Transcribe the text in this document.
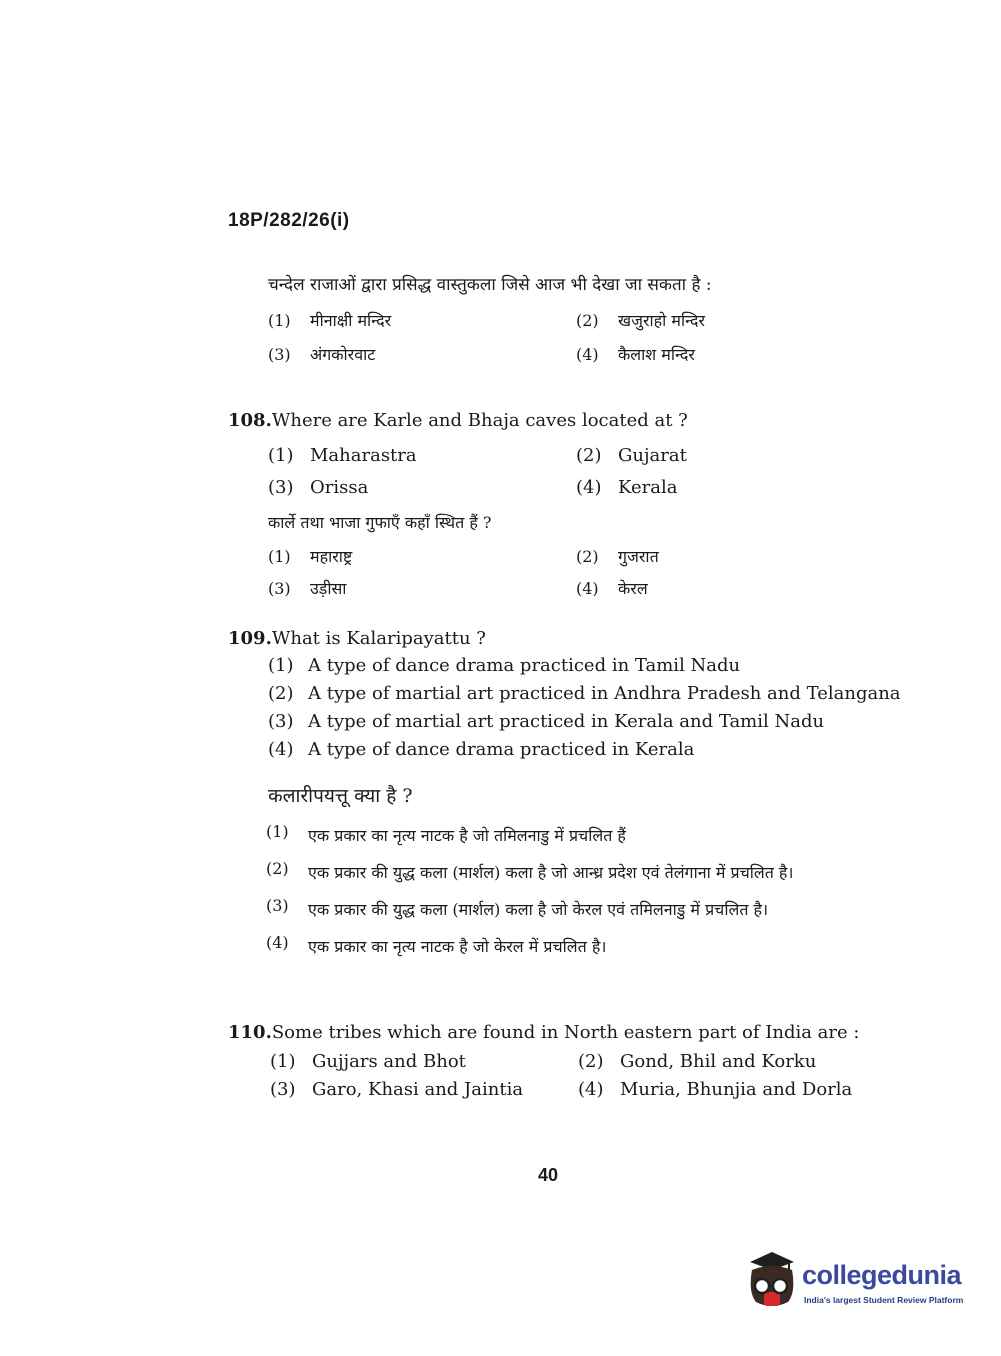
18P/282/26(i)
चन्देल राजाओं द्वारा प्रसिद्ध वास्तुकला जिसे आज भी देखा जा सकता है :
(1) मीनाक्षी मन्दिर	(2) खजुराहो मन्दिर
(3) अंगकोरवाट	(4) कैलाश मन्दिर
108.Where are Karle and Bhaja caves located at ?
(1) Maharastra	(2) Gujarat
(3) Orissa	(4) Kerala
कार्ले तथा भाजा गुफाएँ कहाँ स्थित हैं ?
(1) महाराष्ट्र	(2) गुजरात
(3) उड़ीसा	(4) केरल
109.What is Kalaripayattu ?
(1) A type of dance drama practiced in Tamil Nadu
(2) A type of martial art practiced in Andhra Pradesh and Telangana
(3) A type of martial art practiced in Kerala and Tamil Nadu
(4) A type of dance drama practiced in Kerala
कलारीपयत्तू क्या है ?
(1)	एक प्रकार का नृत्य नाटक है जो तमिलनाडु में प्रचलित हैं
(2)	एक प्रकार की युद्ध कला (मार्शल) कला है जो आन्ध्र प्रदेश एवं तेलंगाना में प्रचलित है।
(3)	एक प्रकार की युद्ध कला (मार्शल) कला है जो केरल एवं तमिलनाडु में प्रचलित है।
(4)	एक प्रकार का नृत्य नाटक है जो केरल में प्रचलित है।
110.Some tribes which are found in North eastern part of India are :
(1) Gujjars and Bhot	(2) Gond, Bhil and Korku
(3) Garo, Khasi and Jaintia	(4) Muria, Bhunjia and Dorla
40
collegedunia
India's largest Student Review Platform
